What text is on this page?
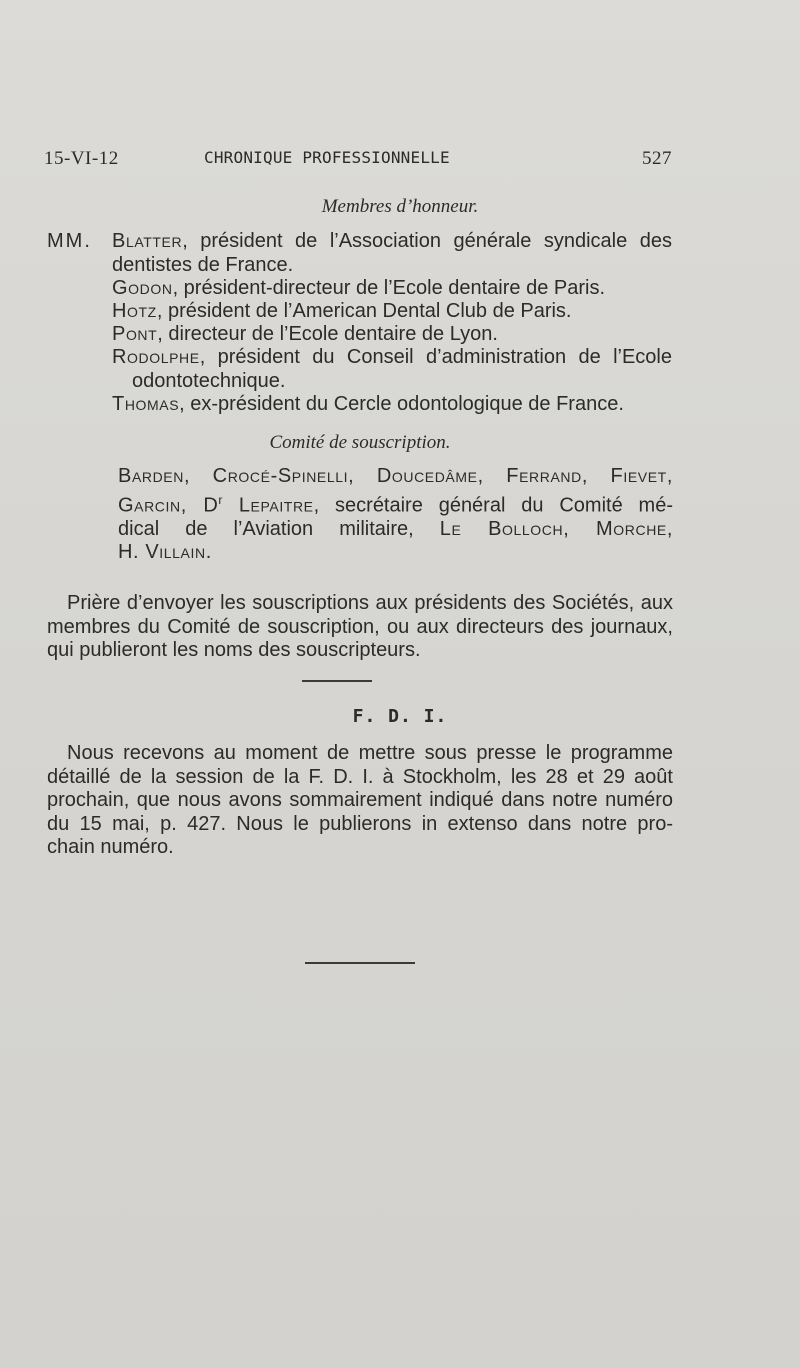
15-VI-12	CHRONIQUE PROFESSIONNELLE	527
Membres d’honneur.
MM. Blatter, président de l’Association générale syndicale des
dentistes de France.
Godon, président-directeur de l’Ecole dentaire de Paris.
Hotz, président de l’American Dental Club de Paris.
Pont, directeur de l’Ecole dentaire de Lyon.
Rodolphe, président du Conseil d’administration de l’Ecole
odontotechnique.
Thomas, ex-président du Cercle odontologique de France.
Comité de souscription.
Barden, Crocé-Spinelli, Doucedâme, Ferrand, Fievet,
Garcin, $D^r$ Lepaitre, secrétaire général du Comité mé-
dical de l’Aviation militaire, Le Bolloch, Morche,
H. Villain.
Prière d’envoyer les souscriptions aux présidents des Sociétés, aux
membres du Comité de souscription, ou aux directeurs des journaux,
qui publieront les noms des souscripteurs.
F. D. I.
Nous recevons au moment de mettre sous presse le programme
détaillé de la session de la F. D. I. à Stockholm, les 28 et 29 août
prochain, que nous avons sommairement indiqué dans notre numéro
du 15 mai, p. 427. Nous le publierons in extenso dans notre pro-
chain numéro.
